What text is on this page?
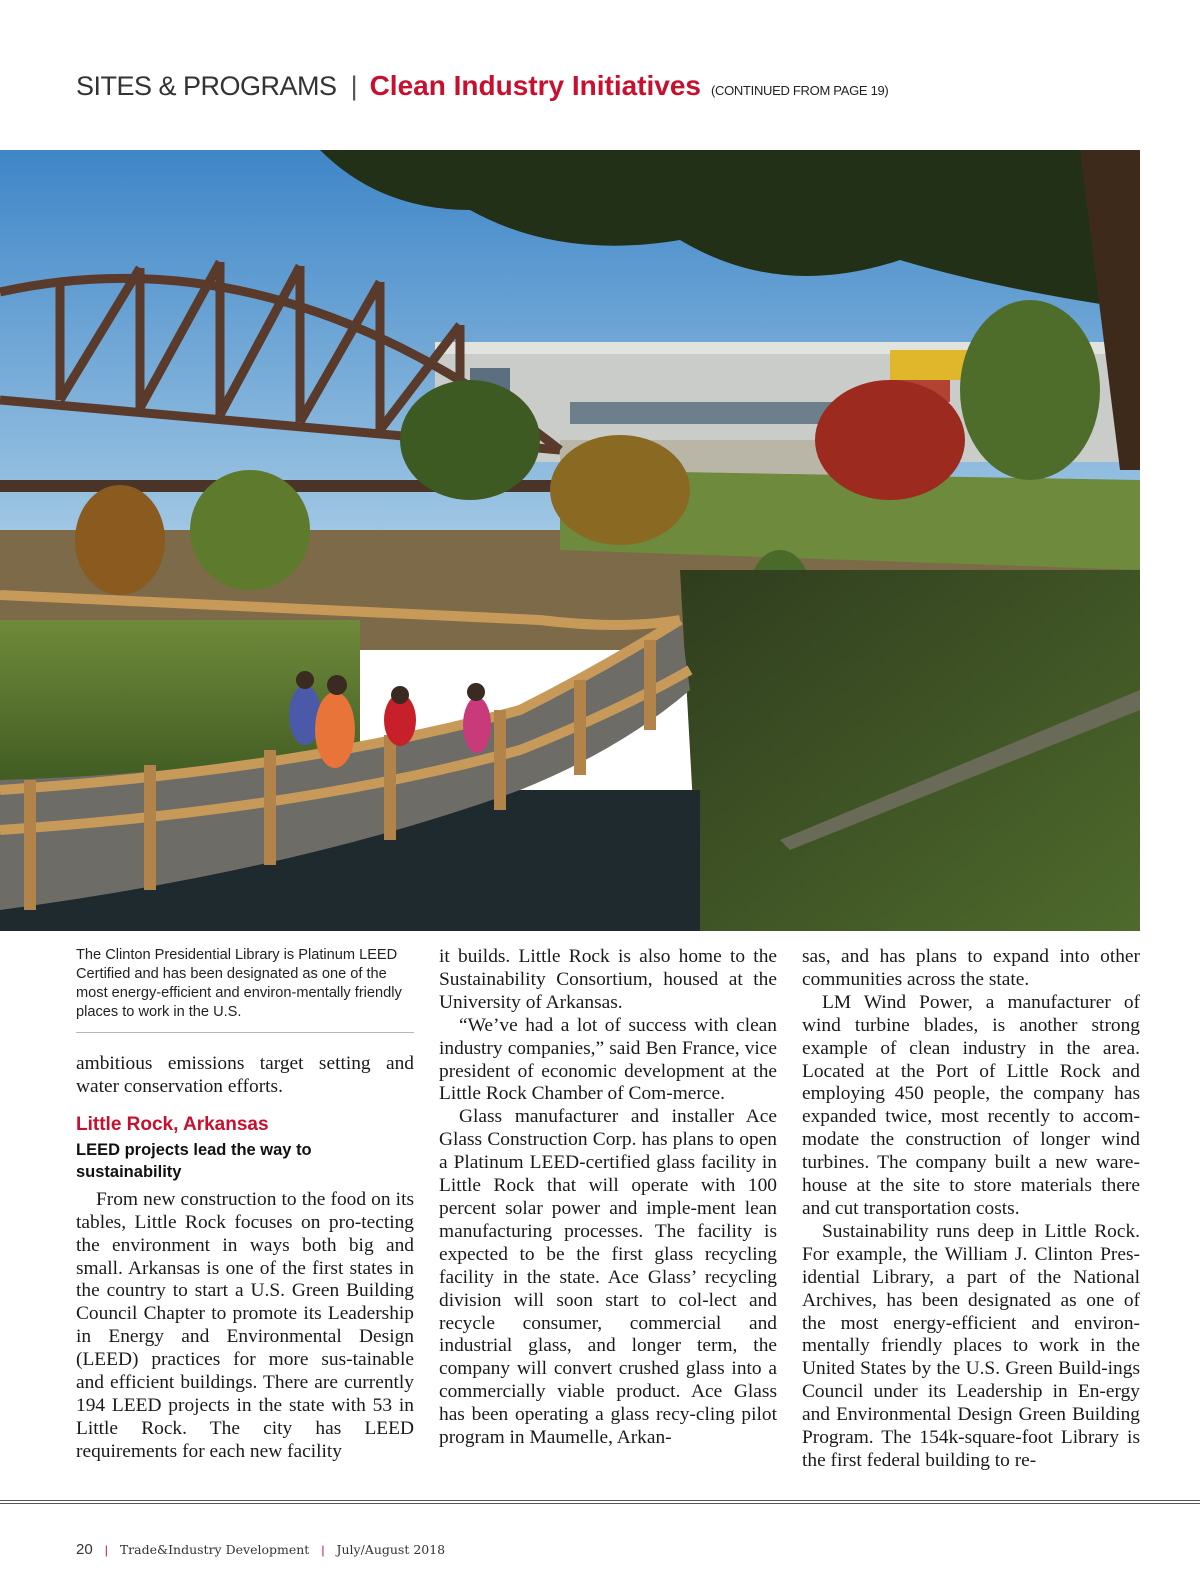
SITES & PROGRAMS | Clean Industry Initiatives (CONTINUED FROM PAGE 19)
The Clinton Presidential Library is Platinum LEED Certified and has been designated as one of the most energy-efficient and environ-mentally friendly places to work in the U.S.

ambitious emissions target setting and water conservation efforts.

Little Rock, Arkansas
LEED projects lead the way to sustainability

From new construction to the food on its tables, Little Rock focuses on pro-tecting the environment in ways both big and small. Arkansas is one of the first states in the country to start a U.S. Green Building Council Chapter to promote its Leadership in Energy and Environmental Design (LEED) practices for more sus-tainable and efficient buildings. There are currently 194 LEED projects in the state with 53 in Little Rock. The city has LEED requirements for each new facility

it builds. Little Rock is also home to the Sustainability Consortium, housed at the University of Arkansas.

“We’ve had a lot of success with clean industry companies,” said Ben France, vice president of economic development at the Little Rock Chamber of Com-merce.

Glass manufacturer and installer Ace Glass Construction Corp. has plans to open a Platinum LEED-certified glass facility in Little Rock that will operate with 100 percent solar power and imple-ment lean manufacturing processes. The facility is expected to be the first glass recycling facility in the state. Ace Glass’ recycling division will soon start to col-lect and recycle consumer, commercial and industrial glass, and longer term, the company will convert crushed glass into a commercially viable product. Ace Glass has been operating a glass recy-cling pilot program in Maumelle, Arkan-

sas, and has plans to expand into other communities across the state.

LM Wind Power, a manufacturer of wind turbine blades, is another strong example of clean industry in the area. Located at the Port of Little Rock and employing 450 people, the company has expanded twice, most recently to accom-modate the construction of longer wind turbines. The company built a new ware-house at the site to store materials there and cut transportation costs.

Sustainability runs deep in Little Rock. For example, the William J. Clinton Pres-idential Library, a part of the National Archives, has been designated as one of the most energy-efficient and environ-mentally friendly places to work in the United States by the U.S. Green Build-ings Council under its Leadership in En-ergy and Environmental Design Green Building Program. The 154k-square-foot Library is the first federal building to re-

20 | Trade&Industry Development | July/August 2018
